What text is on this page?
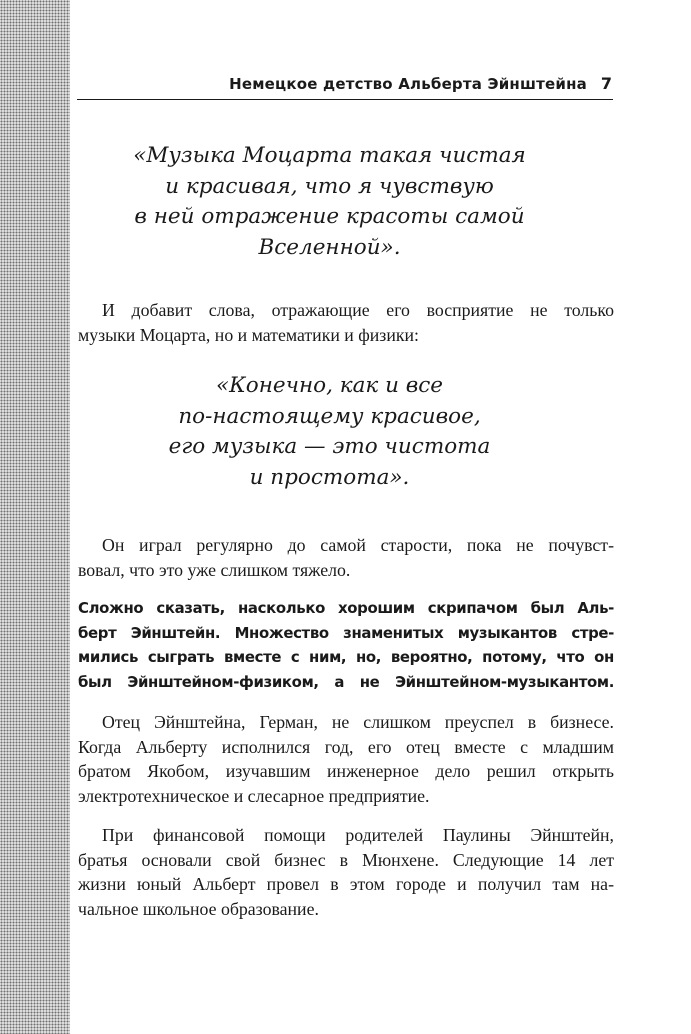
Немецкое детство Альберта Эйнштейна 7
«Музыка Моцарта такая чистая
и красивая, что я чувствую
в ней отражение красоты самой
Вселенной».
И добавит слова, отражающие его восприятие не только
музыки Моцарта, но и математики и физики:
«Конечно, как и все
по-настоящему красивое,
его музыка — это чистота
и простота».
Он играл регулярно до самой старости, пока не почувст-
вовал, что это уже слишком тяжело.
Сложно сказать, насколько хорошим скрипачом был Аль-
берт Эйнштейн. Множество знаменитых музыкантов стре-
мились сыграть вместе с ним, но, вероятно, потому, что он
был Эйнштейном-физиком, а не Эйнштейном-музыкантом.
Отец Эйнштейна, Герман, не слишком преуспел в бизнесе.
Когда Альберту исполнился год, его отец вместе с младшим
братом Якобом, изучавшим инженерное дело решил открыть
электротехническое и слесарное предприятие.
При финансовой помощи родителей Паулины Эйнштейн,
братья основали свой бизнес в Мюнхене. Следующие 14 лет
жизни юный Альберт провел в этом городе и получил там на-
чальное школьное образование.
